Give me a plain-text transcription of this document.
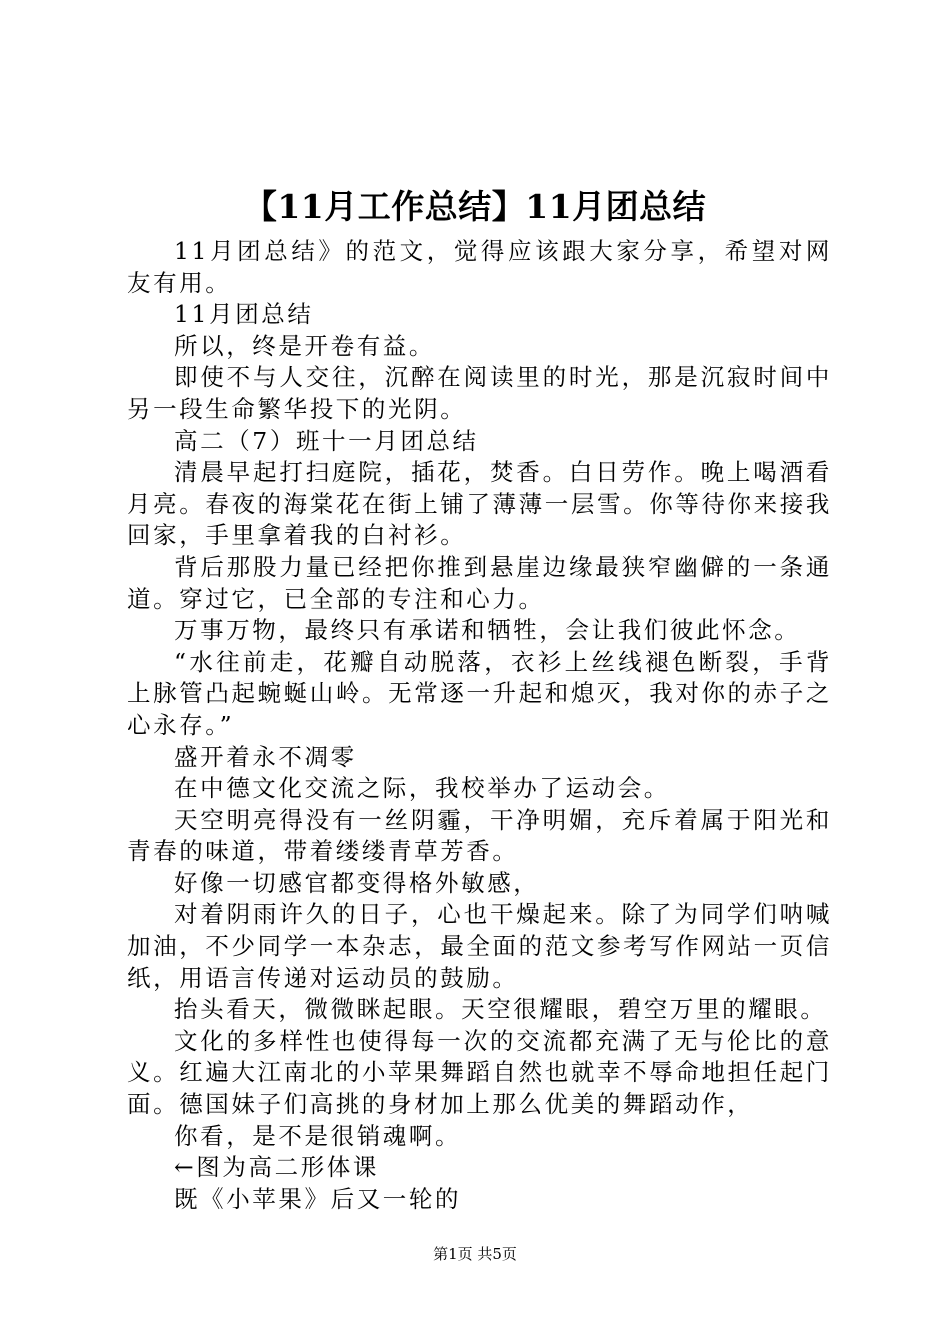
【11月工作总结】11月团总结

11月团总结》的范文，觉得应该跟大家分享，希望对网友有用。

11月团总结

所以，终是开卷有益。

即使不与人交往，沉醉在阅读里的时光，那是沉寂时间中另一段生命繁华投下的光阴。

高二（7）班十一月团总结

清晨早起打扫庭院，插花，焚香。白日劳作。晚上喝酒看月亮。春夜的海棠花在街上铺了薄薄一层雪。你等待你来接我回家，手里拿着我的白衬衫。

背后那股力量已经把你推到悬崖边缘最狭窄幽僻的一条通道。穿过它，已全部的专注和心力。

万事万物，最终只有承诺和牺牲，会让我们彼此怀念。

“水往前走，花瓣自动脱落，衣衫上丝线褪色断裂，手背上脉管凸起蜿蜒山岭。无常逐一升起和熄灭，我对你的赤子之心永存。”

盛开着永不凋零

在中德文化交流之际，我校举办了运动会。

天空明亮得没有一丝阴霾，干净明媚，充斥着属于阳光和青春的味道，带着缕缕青草芳香。

好像一切感官都变得格外敏感，

对着阴雨许久的日子，心也干燥起来。除了为同学们呐喊加油，不少同学一本杂志，最全面的范文参考写作网站一页信纸，用语言传递对运动员的鼓励。

抬头看天，微微眯起眼。天空很耀眼，碧空万里的耀眼。

文化的多样性也使得每一次的交流都充满了无与伦比的意义。红遍大江南北的小苹果舞蹈自然也就幸不辱命地担任起门面。德国妹子们高挑的身材加上那么优美的舞蹈动作，

你看，是不是很销魂啊。

←图为高二形体课

既《小苹果》后又一轮的

第1页 共5页
